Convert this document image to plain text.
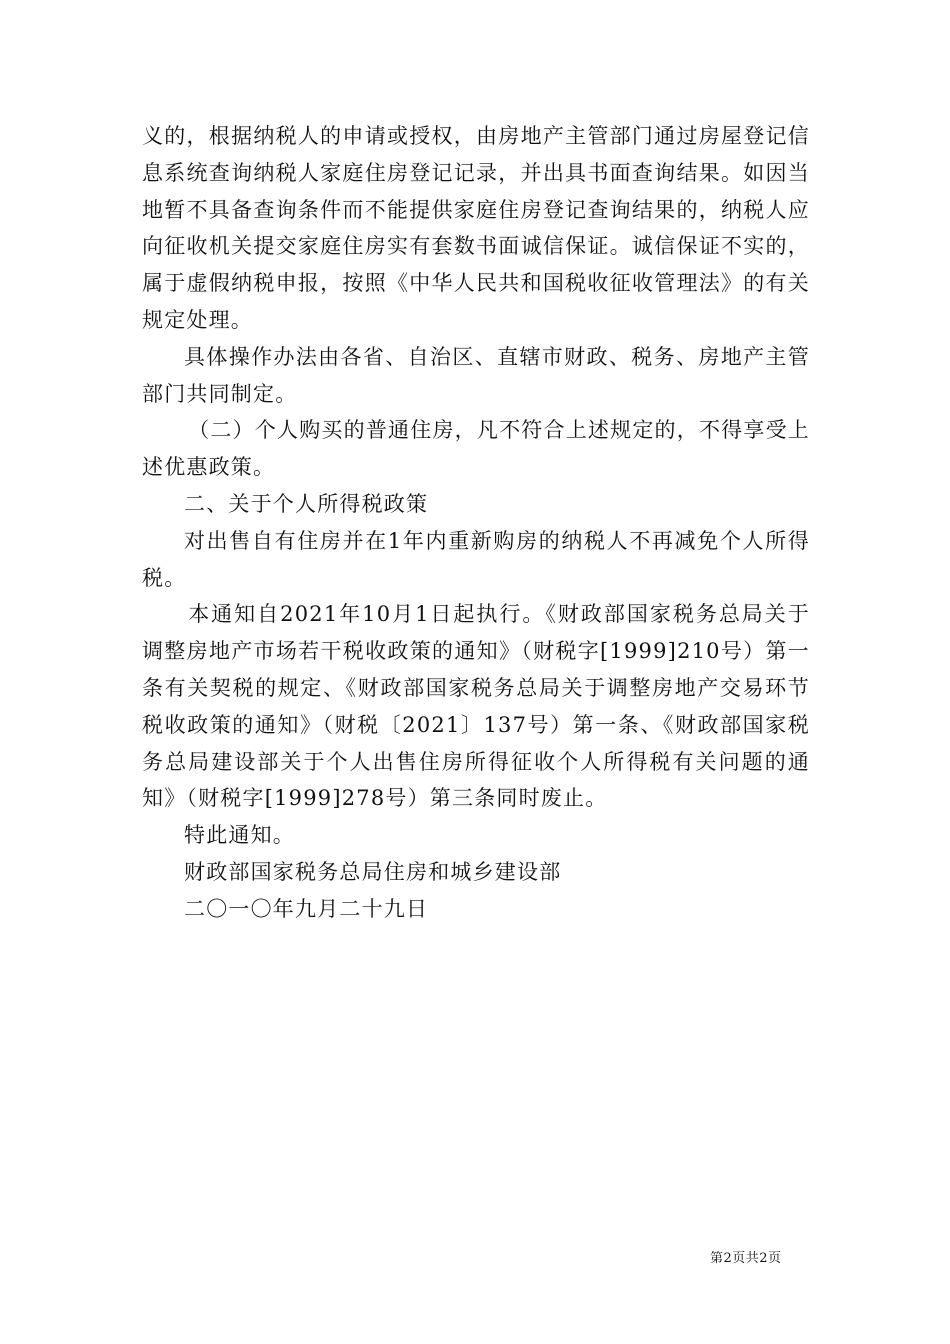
义的，根据纳税人的申请或授权，由房地产主管部门通过房屋登记信息系统查询纳税人家庭住房登记记录，并出具书面查询结果。如因当地暂不具备查询条件而不能提供家庭住房登记查询结果的，纳税人应向征收机关提交家庭住房实有套数书面诚信保证。诚信保证不实的，属于虚假纳税申报，按照《中华人民共和国税收征收管理法》的有关规定处理。

具体操作办法由各省、自治区、直辖市财政、税务、房地产主管部门共同制定。

（二）个人购买的普通住房，凡不符合上述规定的，不得享受上述优惠政策。

二、关于个人所得税政策

对出售自有住房并在1年内重新购房的纳税人不再减免个人所得税。

本通知自2021年10月1日起执行。《财政部国家税务总局关于调整房地产市场若干税收政策的通知》（财税字[1999]210号）第一条有关契税的规定、《财政部国家税务总局关于调整房地产交易环节税收政策的通知》（财税〔2021〕137号）第一条、《财政部国家税务总局建设部关于个人出售住房所得征收个人所得税有关问题的通知》（财税字[1999]278号）第三条同时废止。

特此通知。

财政部国家税务总局住房和城乡建设部

二〇一〇年九月二十九日

第2页共2页
